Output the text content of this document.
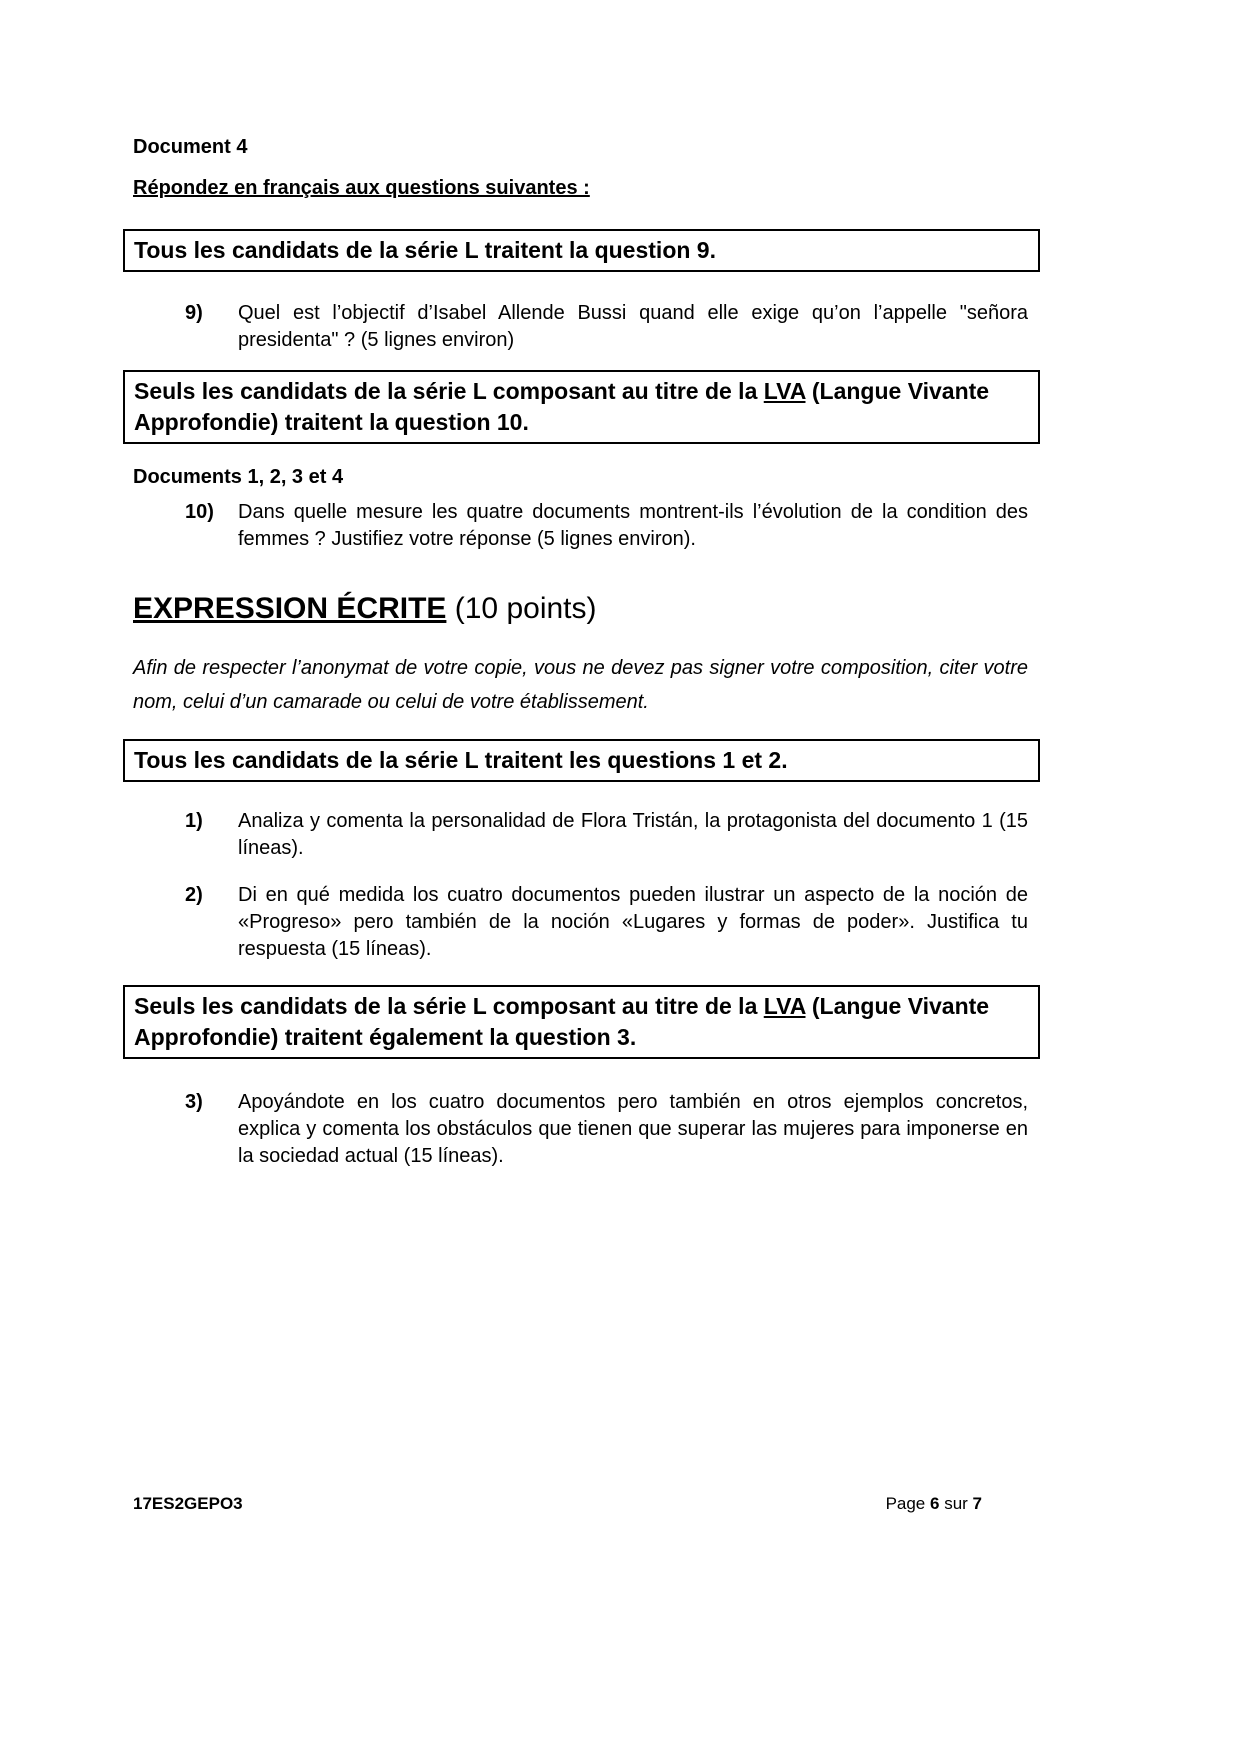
Document 4
Répondez en français aux questions suivantes :
Tous les candidats de la série L traitent la question 9.
9)	Quel est l’objectif d’Isabel Allende Bussi quand elle exige qu’on l’appelle "señora presidenta" ? (5 lignes environ)
Seuls les candidats de la série L composant au titre de la LVA (Langue Vivante Approfondie) traitent la question 10.
Documents 1, 2, 3 et 4
10)	Dans quelle mesure les quatre documents montrent-ils l’évolution de la condition des femmes ? Justifiez votre réponse (5 lignes environ).
EXPRESSION ÉCRITE (10 points)
Afin de respecter l’anonymat de votre copie, vous ne devez pas signer votre composition, citer votre nom, celui d’un camarade ou celui de votre établissement.
Tous les candidats de la série L traitent les questions 1 et 2.
1)	Analiza y comenta la personalidad de Flora Tristán, la protagonista del documento 1 (15 líneas).
2)	Di en qué medida los cuatro documentos pueden ilustrar un aspecto de la noción de «Progreso» pero también de la noción «Lugares y formas de poder». Justifica tu respuesta (15 líneas).
Seuls les candidats de la série L composant au titre de la LVA (Langue Vivante Approfondie) traitent également la question 3.
3)	Apoyándote en los cuatro documentos pero también en otros ejemplos concretos, explica y comenta los obstáculos que tienen que superar las mujeres para imponerse en la sociedad actual (15 líneas).
17ES2GEPO3	Page 6 sur 7
